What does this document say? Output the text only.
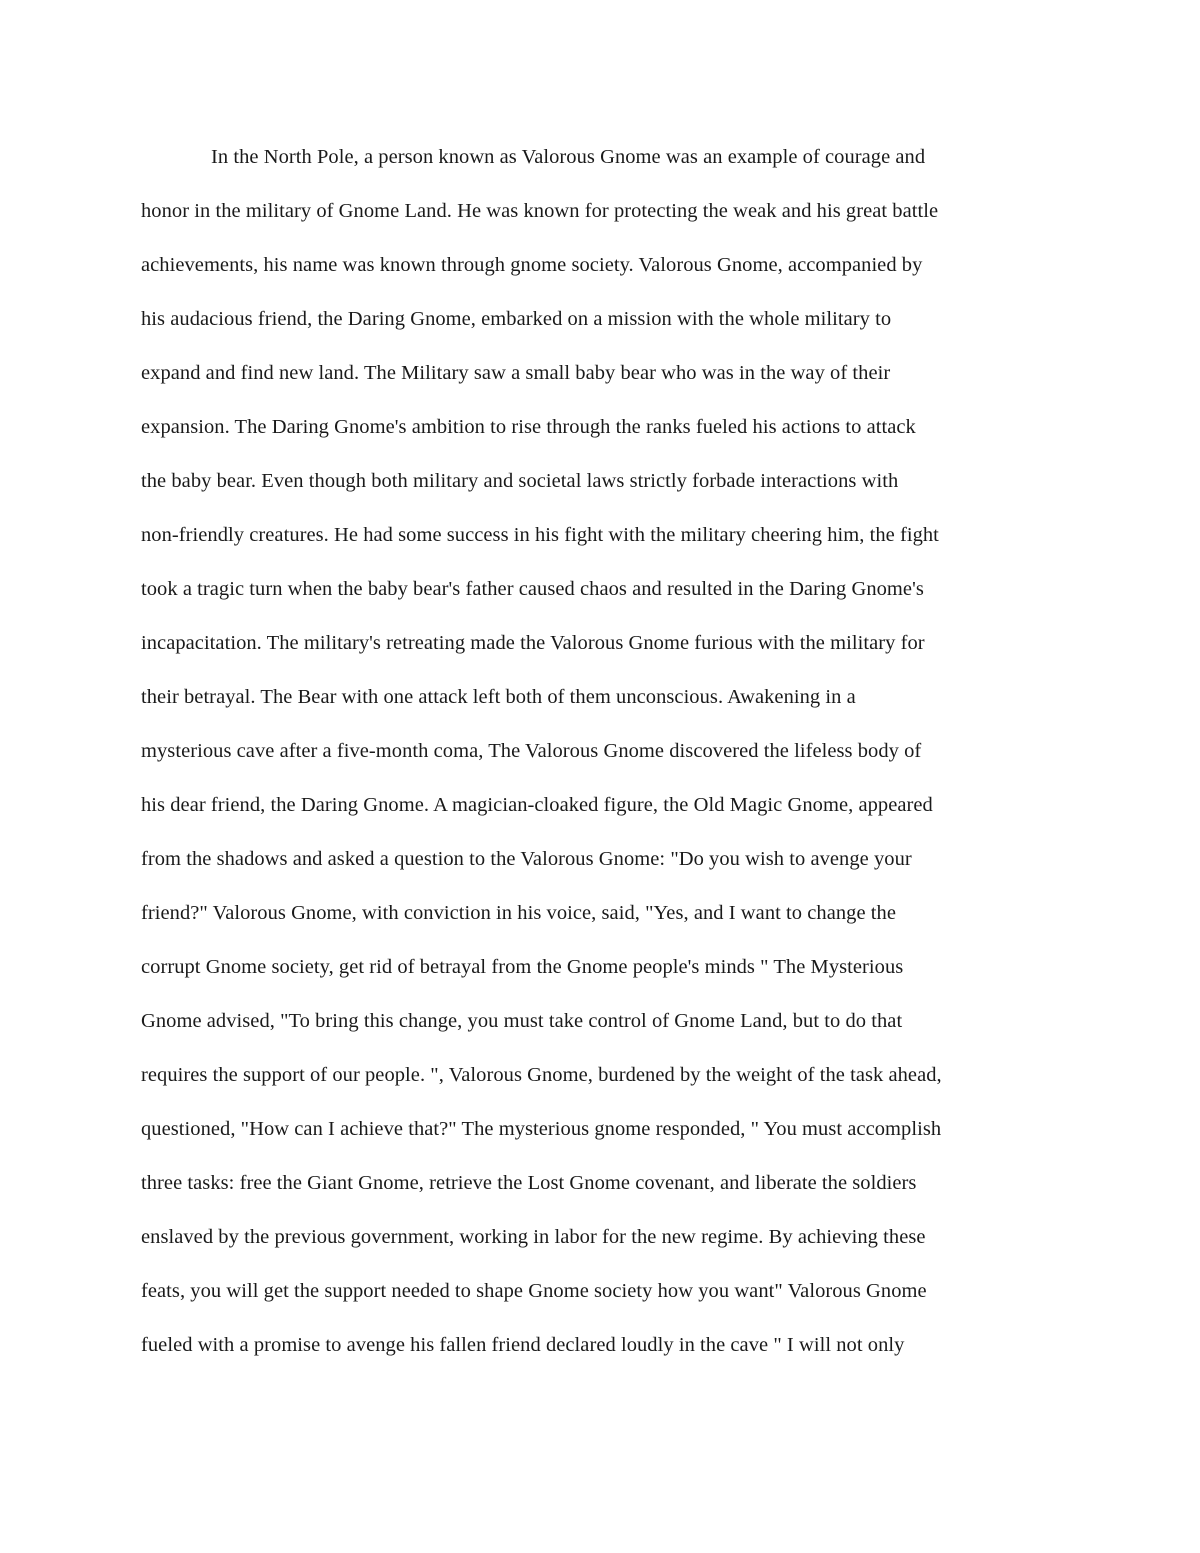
In the North Pole, a person known as Valorous Gnome was an example of courage and
honor in the military of Gnome Land. He was known for protecting the weak and his great battle
achievements, his name was known through gnome society. Valorous Gnome, accompanied by
his audacious friend, the Daring Gnome, embarked on a mission with the whole military to
expand and find new land. The Military saw a small baby bear who was in the way of their
expansion. The Daring Gnome's ambition to rise through the ranks fueled his actions to attack
the baby bear. Even though both military and societal laws strictly forbade interactions with
non-friendly creatures. He had some success in his fight with the military cheering him, the fight
took a tragic turn when the baby bear's father caused chaos and resulted in the Daring Gnome's
incapacitation. The military's retreating made the Valorous Gnome furious with the military for
their betrayal. The Bear with one attack left both of them unconscious. Awakening in a
mysterious cave after a five-month coma, The Valorous Gnome discovered the lifeless body of
his dear friend, the Daring Gnome. A magician-cloaked figure, the Old Magic Gnome, appeared
from the shadows and asked a question to the Valorous Gnome: "Do you wish to avenge your
friend?" Valorous Gnome, with conviction in his voice, said, "Yes, and I want to change the
corrupt Gnome society, get rid of betrayal from the Gnome people's minds " The Mysterious
Gnome advised, "To bring this change, you must take control of Gnome Land, but to do that
requires the support of our people. ", Valorous Gnome, burdened by the weight of the task ahead,
questioned, "How can I achieve that?" The mysterious gnome responded, " You must accomplish
three tasks: free the Giant Gnome, retrieve the Lost Gnome covenant, and liberate the soldiers
enslaved by the previous government, working in labor for the new regime. By achieving these
feats, you will get the support needed to shape Gnome society how you want" Valorous Gnome
fueled with a promise to avenge his fallen friend declared loudly in the cave " I will not only
